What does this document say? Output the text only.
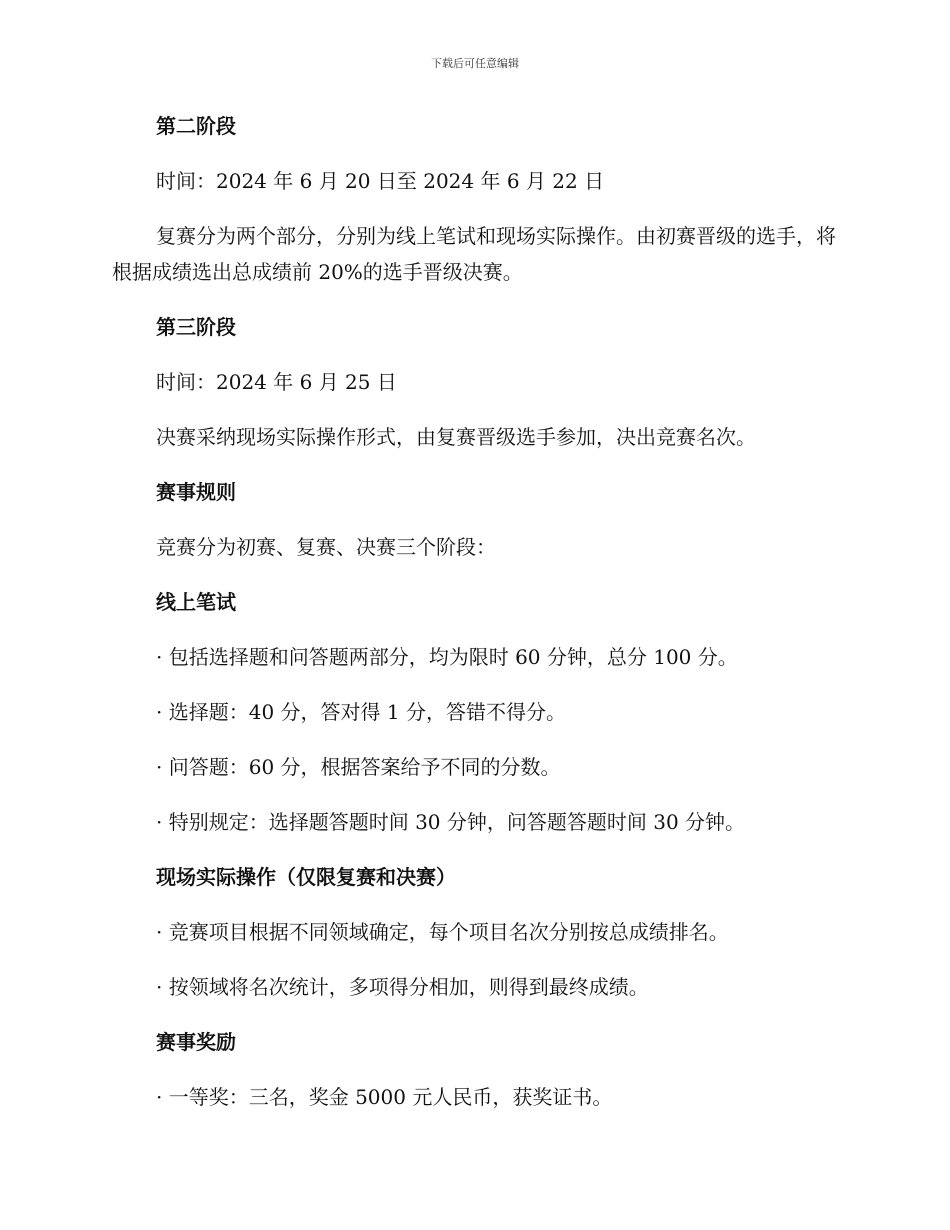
下载后可任意编辑
第二阶段
时间：2024 年 6 月 20 日至 2024 年 6 月 22 日
复赛分为两个部分，分别为线上笔试和现场实际操作。由初赛晋级的选手，将根据成绩选出总成绩前 20%的选手晋级决赛。
第三阶段
时间：2024 年 6 月 25 日
决赛采纳现场实际操作形式，由复赛晋级选手参加，决出竞赛名次。
赛事规则
竞赛分为初赛、复赛、决赛三个阶段：
线上笔试
· 包括选择题和问答题两部分，均为限时 60 分钟，总分 100 分。
· 选择题：40 分，答对得 1 分，答错不得分。
· 问答题：60 分，根据答案给予不同的分数。
· 特别规定：选择题答题时间 30 分钟，问答题答题时间 30 分钟。
现场实际操作（仅限复赛和决赛）
· 竞赛项目根据不同领域确定，每个项目名次分别按总成绩排名。
· 按领域将名次统计，多项得分相加，则得到最终成绩。
赛事奖励
· 一等奖：三名，奖金 5000 元人民币，获奖证书。
